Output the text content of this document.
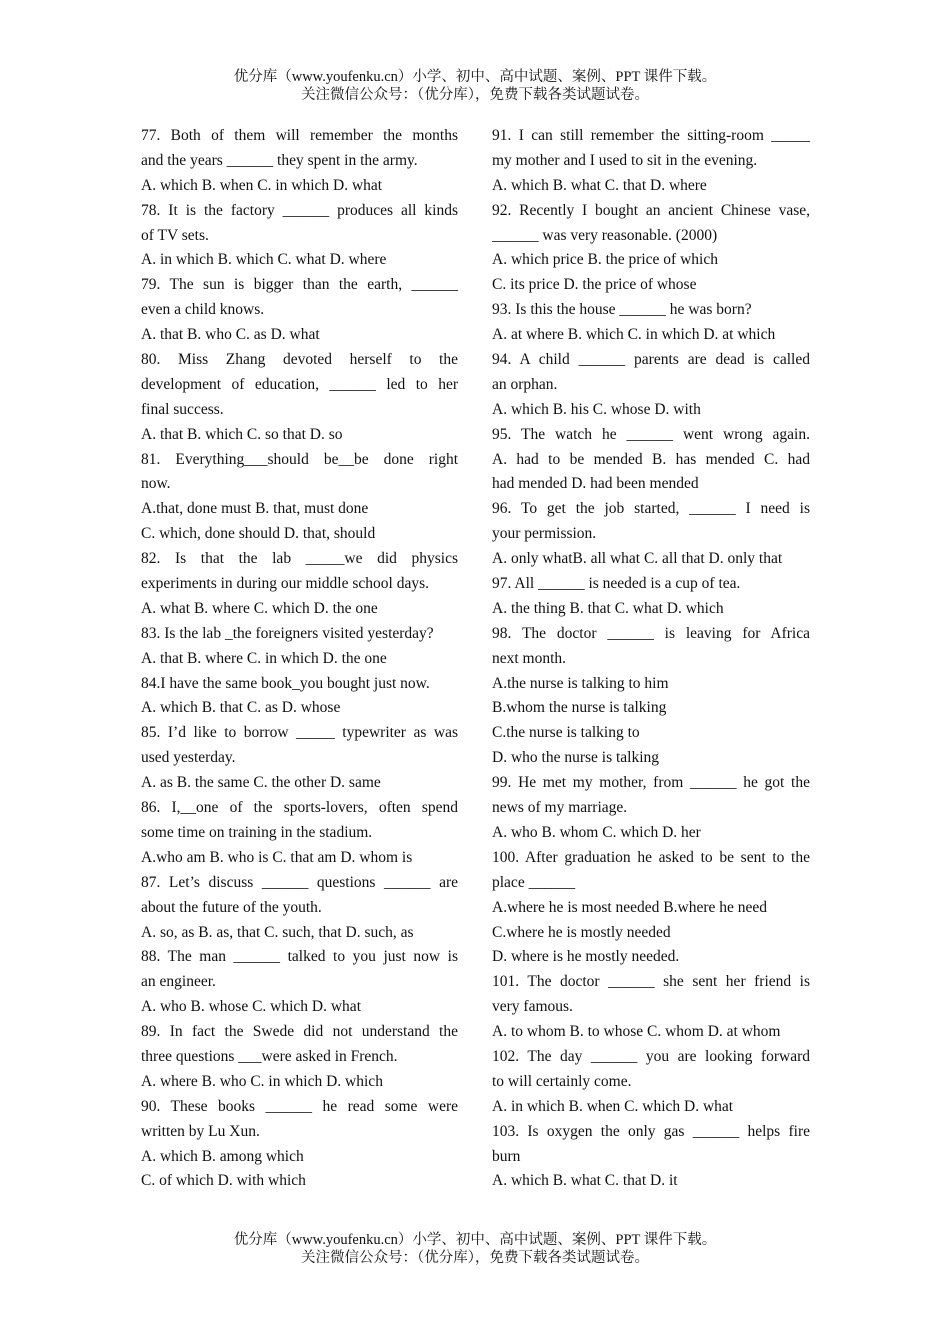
优分库（www.youfenku.cn）小学、初中、高中试题、案例、PPT 课件下载。
关注微信公众号：（优分库），免费下载各类试题试卷。
77. Both of them will remember the months
and the years ______ they spent in the army.
A. which B. when C. in which D. what
78. It is the factory ______ produces all kinds
of TV sets.
A. in which B. which C. what D. where
79. The sun is bigger than the earth, ______
even a child knows.
A. that B. who C. as D. what
80. Miss Zhang devoted herself to the
development of education, ______ led to her
final success.
A. that B. which C. so that D. so
81. Everything___should be__be done right
now.
A.that, done must B. that, must done
C. which, done should D. that, should
82. Is that the lab _____we did physics
experiments in during our middle school days.
A. what B. where C. which D. the one
83. Is the lab _the foreigners visited yesterday?
A. that B. where C. in which D. the one
84.I have the same book_you bought just now.
A. which B. that C. as D. whose
85. I’d like to borrow _____ typewriter as was
used yesterday.
A. as B. the same C. the other D. same
86. I,__one of the sports-lovers, often spend
some time on training in the stadium.
A.who am B. who is C. that am D. whom is
87. Let’s discuss ______ questions ______ are
about the future of the youth.
A. so, as B. as, that C. such, that D. such, as
88. The man ______ talked to you just now is
an engineer.
A. who B. whose C. which D. what
89. In fact the Swede did not understand the
three questions ___were asked in French.
A. where B. who C. in which D. which
90. These books ______ he read some were
written by Lu Xun.
A. which B. among which
C. of which D. with which
91. I can still remember the sitting-room _____
my mother and I used to sit in the evening.
A. which B. what C. that D. where
92. Recently I bought an ancient Chinese vase,
______ was very reasonable. (2000)
A. which price B. the price of which
C. its price D. the price of whose
93. Is this the house ______ he was born?
A. at where B. which C. in which D. at which
94. A child ______ parents are dead is called
an orphan.
A. which B. his C. whose D. with
95. The watch he ______ went wrong again.
A. had to be mended B. has mended C. had
had mended D. had been mended
96. To get the job started, ______ I need is
your permission.
A. only whatB. all what C. all that D. only that
97. All ______ is needed is a cup of tea.
A. the thing B. that C. what D. which
98. The doctor ______ is leaving for Africa
next month.
A.the nurse is talking to him
B.whom the nurse is talking
C.the nurse is talking to
D. who the nurse is talking
99. He met my mother, from ______ he got the
news of my marriage.
A. who B. whom C. which D. her
100. After graduation he asked to be sent to the
place ______
A.where he is most needed B.where he need
C.where he is mostly needed
D. where is he mostly needed.
101. The doctor ______ she sent her friend is
very famous.
A. to whom B. to whose C. whom D. at whom
102. The day ______ you are looking forward
to will certainly come.
A. in which B. when C. which D. what
103. Is oxygen the only gas ______ helps fire
burn
A. which B. what C. that D. it
优分库（www.youfenku.cn）小学、初中、高中试题、案例、PPT 课件下载。
关注微信公众号：（优分库），免费下载各类试题试卷。
